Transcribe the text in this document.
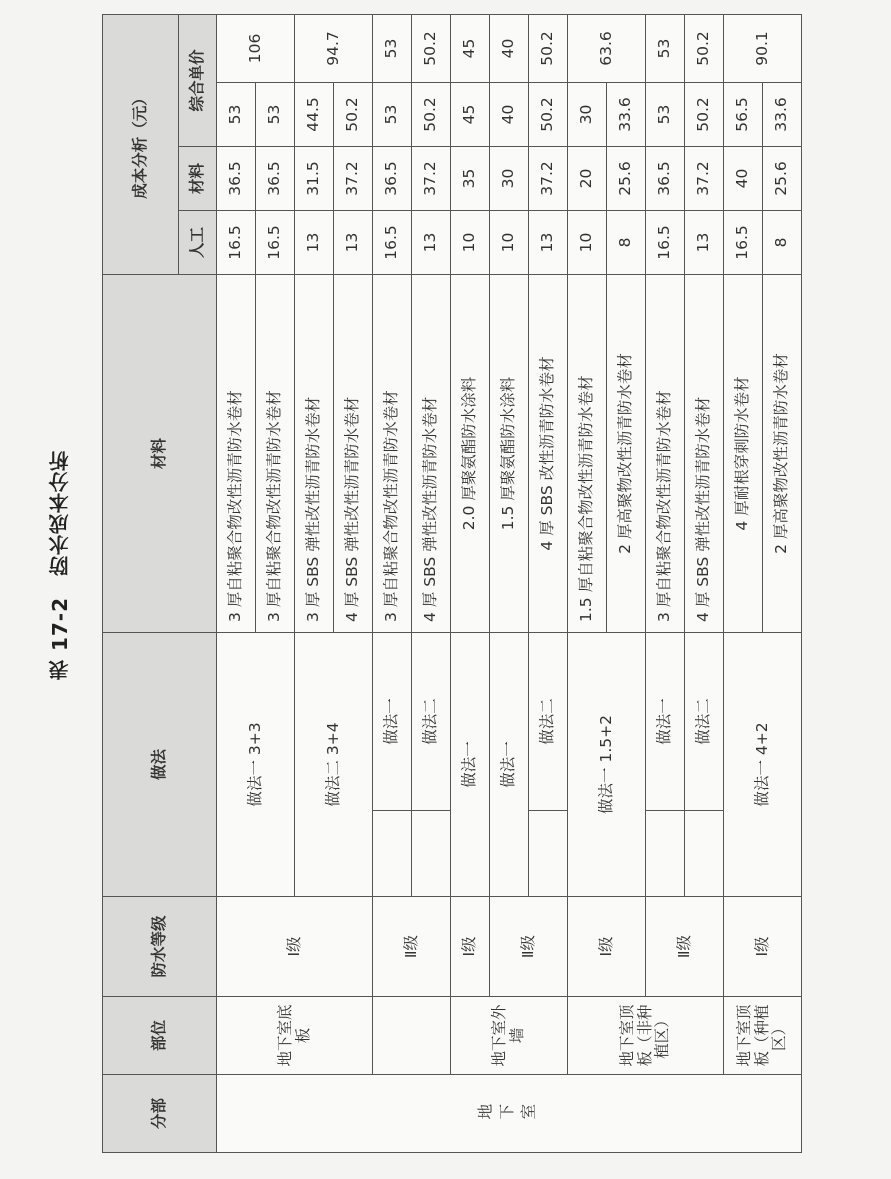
表 17-2　防水成本分析
分部	部位	防水等级	做法		材料	成本分析（元）			
						人工	材料	综合单价	
地下室	地下室底板	Ⅰ级	做法一 3+3		3 厚自粘聚合物改性沥青防水卷材	16.5	36.5	53	106
					3 厚自粘聚合物改性沥青防水卷材	16.5	36.5	53	
			做法二 3+4		3 厚 SBS 弹性改性沥青防水卷材	13	31.5	44.5	94.7
					4 厚 SBS 弹性改性沥青防水卷材	13	37.2	50.2	
		Ⅱ级		做法一	3 厚自粘聚合物改性沥青防水卷材	16.5	36.5	53	53
				做法二	4 厚 SBS 弹性改性沥青防水卷材	13	37.2	50.2	50.2
	地下室外墙	Ⅰ级	做法一		2.0 厚聚氨酯防水涂料	10	35	45	45
		Ⅱ级	做法一		1.5 厚聚氨酯防水涂料	10	30	40	40
				做法二	4 厚 SBS 改性沥青防水卷材	13	37.2	50.2	50.2
	地下室顶板（非种植区）	Ⅰ级	做法一 1.5+2		1.5 厚自粘聚合物改性沥青防水卷材	10	20	30	63.6
					2 厚高聚物改性沥青防水卷材	8	25.6	33.6	
		Ⅱ级		做法一	3 厚自粘聚合物改性沥青防水卷材	16.5	36.5	53	53
				做法二	4 厚 SBS 弹性改性沥青防水卷材	13	37.2	50.2	50.2
	地下室顶板（种植区）	Ⅰ级	做法一 4+2		4 厚耐根穿刺防水卷材	16.5	40	56.5	90.1
					2 厚高聚物改性沥青防水卷材	8	25.6	33.6	
